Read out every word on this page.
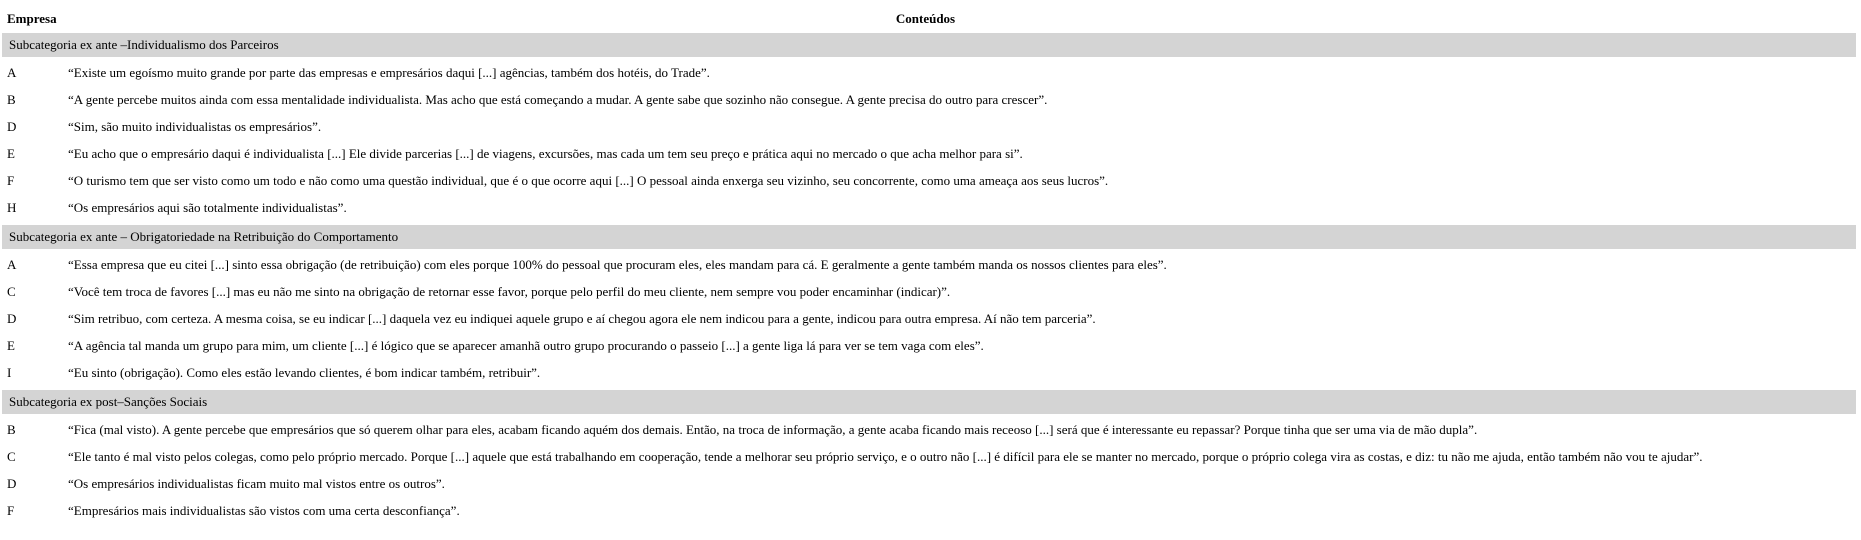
Empresa	Conteúdos
Subcategoria ex ante –Individualismo dos Parceiros
A	“Existe um egoísmo muito grande por parte das empresas e empresários daqui [...] agências, também dos hotéis, do Trade”.
B	“A gente percebe muitos ainda com essa mentalidade individualista. Mas acho que está começando a mudar. A gente sabe que sozinho não consegue. A gente precisa do outro para crescer”.
D	“Sim, são muito individualistas os empresários”.
E	“Eu acho que o empresário daqui é individualista [...] Ele divide parcerias [...] de viagens, excursões, mas cada um tem seu preço e prática aqui no mercado o que acha melhor para si”.
F	“O turismo tem que ser visto como um todo e não como uma questão individual, que é o que ocorre aqui [...] O pessoal ainda enxerga seu vizinho, seu concorrente, como uma ameaça aos seus lucros”.
H	“Os empresários aqui são totalmente individualistas”.
Subcategoria ex ante – Obrigatoriedade na Retribuição do Comportamento
A	“Essa empresa que eu citei [...] sinto essa obrigação (de retribuição) com eles porque 100% do pessoal que procuram eles, eles mandam para cá. E geralmente a gente também manda os nossos clientes para eles”.
C	“Você tem troca de favores [...] mas eu não me sinto na obrigação de retornar esse favor, porque pelo perfil do meu cliente, nem sempre vou poder encaminhar (indicar)”.
D	“Sim retribuo, com certeza. A mesma coisa, se eu indicar [...] daquela vez eu indiquei aquele grupo e aí chegou agora ele nem indicou para a gente, indicou para outra empresa. Aí não tem parceria”.
E	“A agência tal manda um grupo para mim, um cliente [...] é lógico que se aparecer amanhã outro grupo procurando o passeio [...] a gente liga lá para ver se tem vaga com eles”.
I	“Eu sinto (obrigação). Como eles estão levando clientes, é bom indicar também, retribuir”.
Subcategoria ex post–Sanções Sociais
B	“Fica (mal visto). A gente percebe que empresários que só querem olhar para eles, acabam ficando aquém dos demais. Então, na troca de informação, a gente acaba ficando mais receoso [...] será que é interessante eu repassar? Porque tinha que ser uma via de mão dupla”.
C	“Ele tanto é mal visto pelos colegas, como pelo próprio mercado. Porque [...] aquele que está trabalhando em cooperação, tende a melhorar seu próprio serviço, e o outro não [...] é difícil para ele se manter no mercado, porque o próprio colega vira as costas, e diz: tu não me ajuda, então também não vou te ajudar”.
D	“Os empresários individualistas ficam muito mal vistos entre os outros”.
F	“Empresários mais individualistas são vistos com uma certa desconfiança”.
